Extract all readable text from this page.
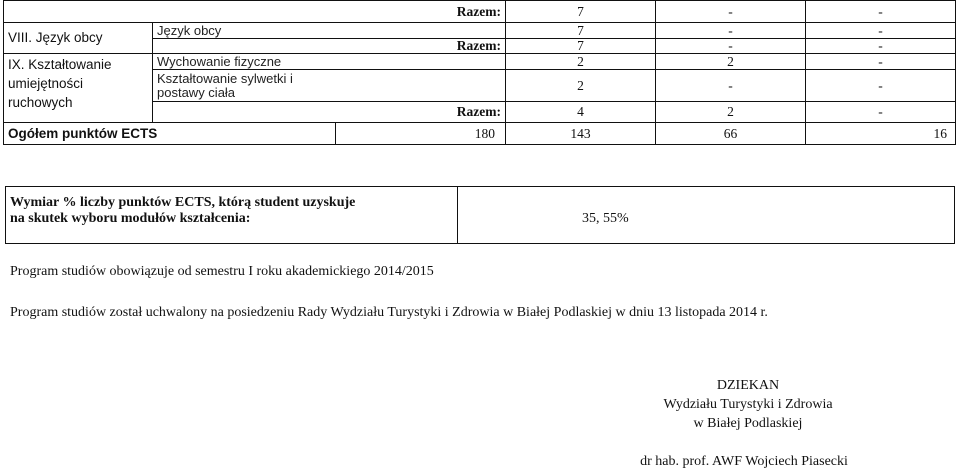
Razem:			7	-	-
VIII. Język obcy	Język obcy		7	-	-
	Razem:		7	-	-

IX. Kształtowanie
umiejętności
ruchowych	Wychowanie fizyczne		2	2	-

	Kształtowanie sylwetki i
postawy ciała		2	-	-
	Razem:		4	2	-
Ogółem punktów ECTS		180	143	66	16
Wymiar % liczby punktów ECTS, którą student uzyskuje
na skutek wyboru modułów kształcenia:	35, 55%
Program studiów obowiązuje od semestru I roku akademickiego 2014/2015
Program studiów został uchwalony na posiedzeniu Rady Wydziału Turystyki i Zdrowia w Białej Podlaskiej w dniu 13 listopada 2014 r.
DZIEKAN
Wydziału Turystyki i Zdrowia
w Białej Podlaskiej
dr hab. prof. AWF Wojciech Piasecki
